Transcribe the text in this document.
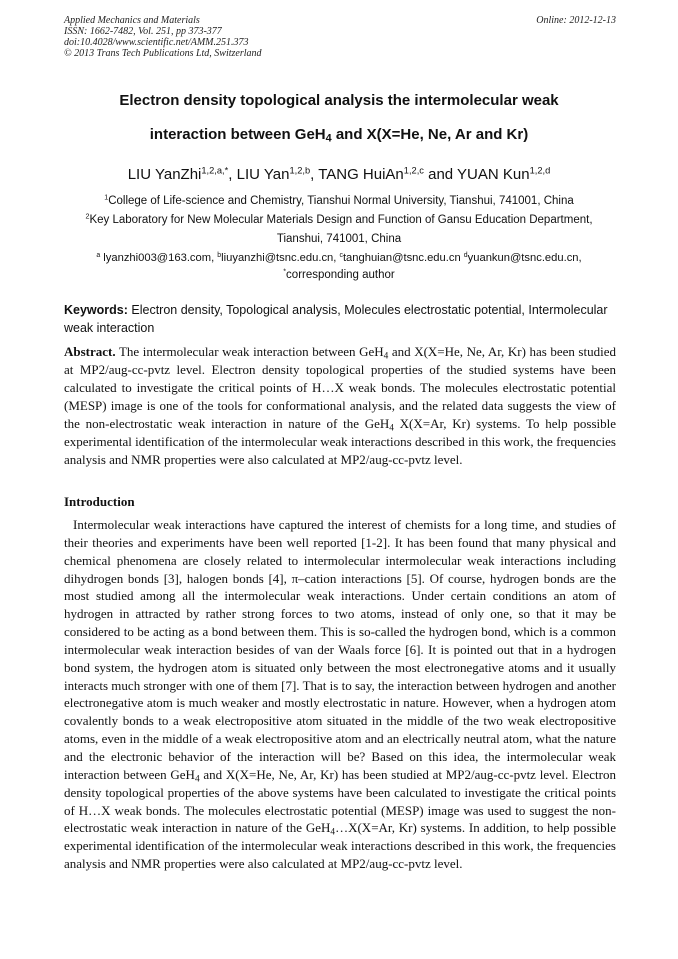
Applied Mechanics and Materials	Online: 2012-12-13
ISSN: 1662-7482, Vol. 251, pp 373-377
doi:10.4028/www.scientific.net/AMM.251.373
© 2013 Trans Tech Publications Ltd, Switzerland
Electron density topological analysis the intermolecular weak
interaction between GeH$_4$ and X(X=He, Ne, Ar and Kr)
LIU YanZhi$^{1,2,a,*}$, LIU Yan$^{1,2,b}$, TANG HuiAn$^{1,2,c}$ and YUAN Kun$^{1,2,d}$
$^1$College of Life-science and Chemistry, Tianshui Normal University, Tianshui, 741001, China
$^2$Key Laboratory for New Molecular Materials Design and Function of Gansu Education Department,
Tianshui, 741001, China
$^a$ lyanzhi003@163.com, $^b$liuyanzhi@tsnc.edu.cn, $^c$tanghuian@tsnc.edu.cn $^d$yuankun@tsnc.edu.cn,
*corresponding author
Keywords: Electron density, Topological analysis, Molecules electrostatic potential, Intermolecular weak interaction
Abstract. The intermolecular weak interaction between GeH$_4$ and X(X=He, Ne, Ar, Kr) has been studied at MP2/aug-cc-pvtz level. Electron density topological properties of the studied systems have been calculated to investigate the critical points of H…X weak bonds. The molecules electrostatic potential (MESP) image is one of the tools for conformational analysis, and the related data suggests the view of the non-electrostatic weak interaction in nature of the GeH$_4$ X(X=Ar, Kr) systems. To help possible experimental identification of the intermolecular weak interactions described in this work, the frequencies analysis and NMR properties were also calculated at MP2/aug-cc-pvtz level.
Introduction
Intermolecular weak interactions have captured the interest of chemists for a long time, and studies of their theories and experiments have been well reported [1-2]. It has been found that many physical and chemical phenomena are closely related to intermolecular intermolecular weak interactions including dihydrogen bonds [3], halogen bonds [4], π–cation interactions [5]. Of course, hydrogen bonds are the most studied among all the intermolecular weak interactions. Under certain conditions an atom of hydrogen in attracted by rather strong forces to two atoms, instead of only one, so that it may be considered to be acting as a bond between them. This is so-called the hydrogen bond, which is a common intermolecular weak interaction besides of van der Waals force [6]. It is pointed out that in a hydrogen bond system, the hydrogen atom is situated only between the most electronegative atoms and it usually interacts much stronger with one of them [7]. That is to say, the interaction between hydrogen and another electronegative atom is much weaker and mostly electrostatic in nature. However, when a hydrogen atom covalently bonds to a weak electropositive atom situated in the middle of the two weak electropositive atoms, even in the middle of a weak electropositive atom and an electrically neutral atom, what the nature and the electronic behavior of the interaction will be? Based on this idea, the intermolecular weak interaction between GeH$_4$ and X(X=He, Ne, Ar, Kr) has been studied at MP2/aug-cc-pvtz level. Electron density topological properties of the above systems have been calculated to investigate the critical points of H…X weak bonds. The molecules electrostatic potential (MESP) image was used to suggest the non-electrostatic weak interaction in nature of the GeH$_4$…X(X=Ar, Kr) systems. In addition, to help possible experimental identification of the intermolecular weak interactions described in this work, the frequencies analysis and NMR properties were also calculated at MP2/aug-cc-pvtz level.
